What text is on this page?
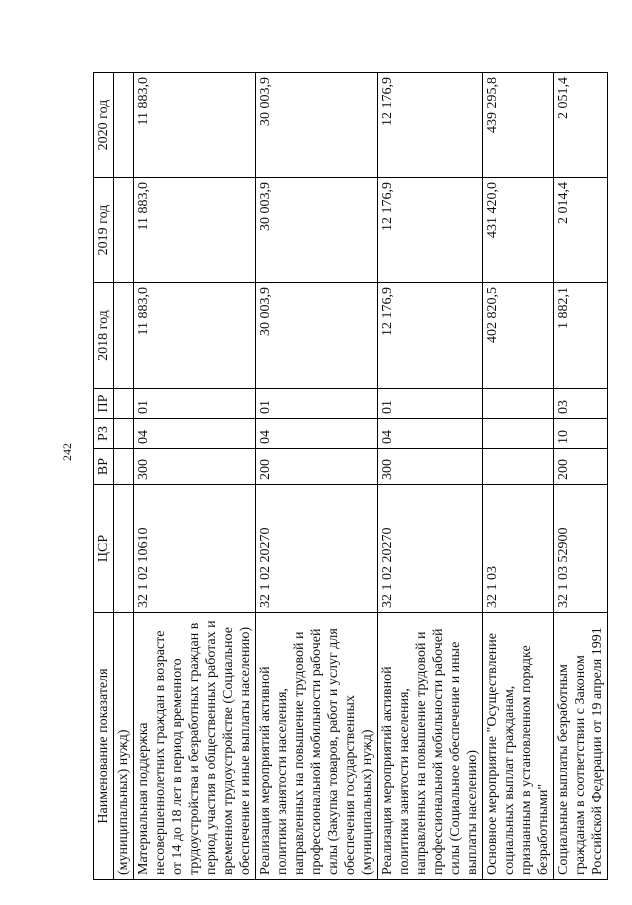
242
Наименование показателя	ЦСР	ВР	РЗ	ПР	2018 год	2019 год	2020 год
(муниципальных) нужд)							
Материальная поддержка несовершеннолетних граждан в возрасте от 14 до 18 лет в период временного трудоустройства и безработных граждан в период участия в общественных работах и временном трудоустройстве (Социальное обеспечение и иные выплаты населению)	32 1 02 10610	300	04	01	11 883,0	11 883,0	11 883,0
Реализация мероприятий активной политики занятости населения, направленных на повышение трудовой и профессиональной мобильности рабочей силы (Закупка товаров, работ и услуг для обеспечения государственных (муниципальных) нужд)	32 1 02 20270	200	04	01	30 003,9	30 003,9	30 003,9
Реализация мероприятий активной политики занятости населения, направленных на повышение трудовой и профессиональной мобильности рабочей силы (Социальное обеспечение и иные выплаты населению)	32 1 02 20270	300	04	01	12 176,9	12 176,9	12 176,9
Основное мероприятие "Осуществление социальных выплат гражданам, признанным в установленном порядке безработными"	32 1 03				402 820,5	431 420,0	439 295,8
Социальные выплаты безработным гражданам в соответствии с Законом Российской Федерации от 19 апреля 1991	32 1 03 52900	200	10	03	1 882,1	2 014,4	2 051,4
